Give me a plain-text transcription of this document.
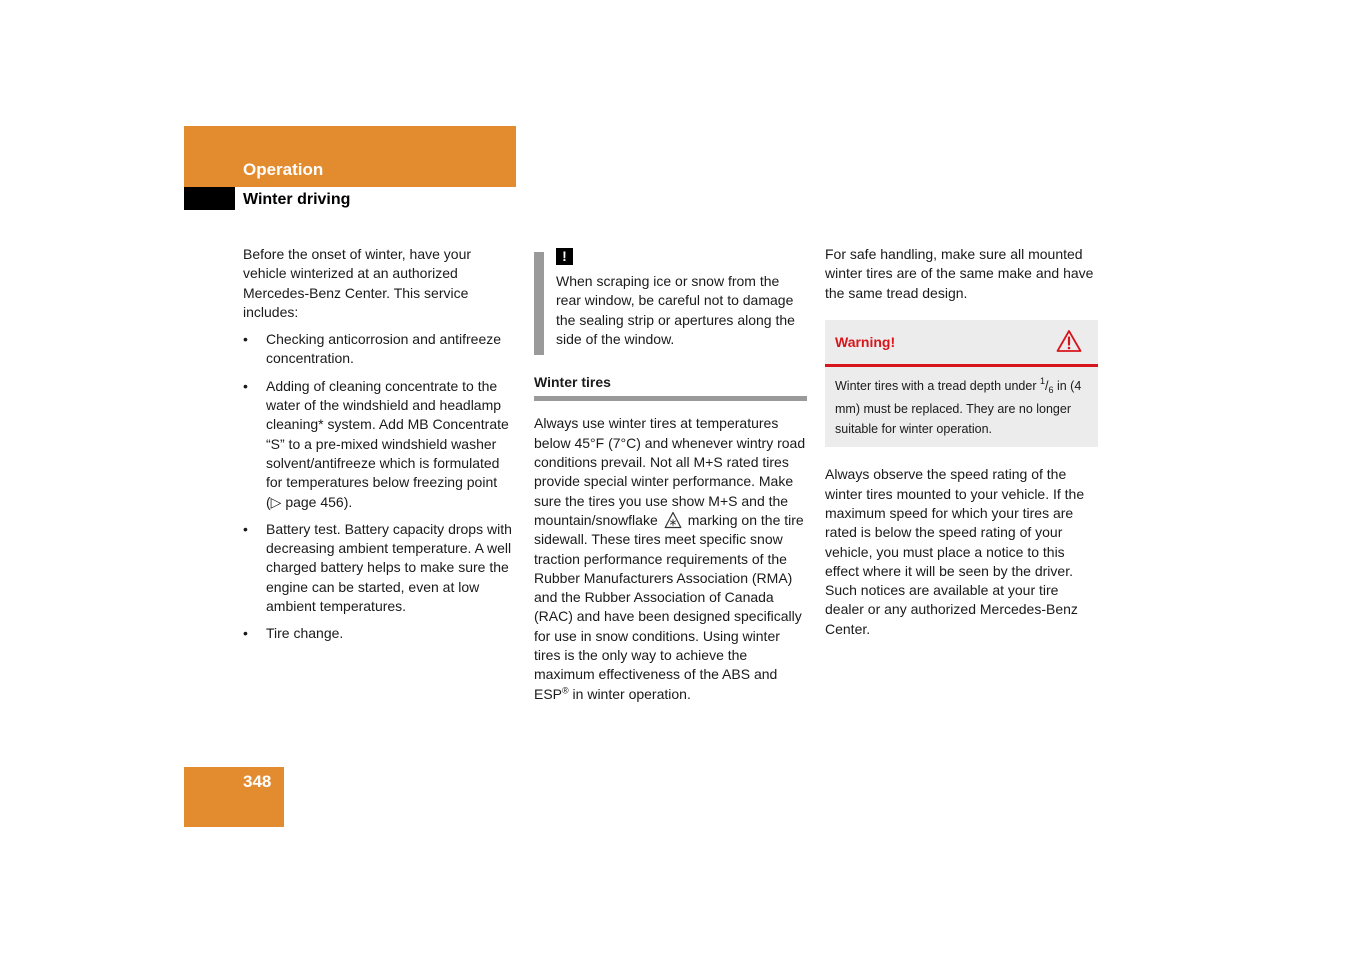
Operation
Winter driving

Before the onset of winter, have your vehicle winterized at an authorized Mercedes-Benz Center. This service includes:

• Checking anticorrosion and antifreeze concentration.
• Adding of cleaning concentrate to the water of the windshield and headlamp cleaning* system. Add MB Concentrate “S” to a pre-mixed windshield washer solvent/antifreeze which is formulated for temperatures below freezing point (▷ page 456).
• Battery test. Battery capacity drops with decreasing ambient temperature. A well charged battery helps to make sure the engine can be started, even at low ambient temperatures.
• Tire change.
!

When scraping ice or snow from the rear window, be careful not to damage the sealing strip or apertures along the side of the window.

Winter tires

Always use winter tires at temperatures below 45°F (7°C) and whenever wintry road conditions prevail. Not all M+S rated tires provide special winter performance. Make sure the tires you use show M+S and the mountain/snowflake marking on the tire sidewall. These tires meet specific snow traction performance requirements of the Rubber Manufacturers Association (RMA) and the Rubber Association of Canada (RAC) and have been designed specifically for use in snow conditions. Using winter tires is the only way to achieve the maximum effectiveness of the ABS and ESP® in winter operation.

For safe handling, make sure all mounted winter tires are of the same make and have the same tread design.

Warning!
Winter tires with a tread depth under $^1/_6$ in (4 mm) must be replaced. They are no longer suitable for winter operation.

Always observe the speed rating of the winter tires mounted to your vehicle. If the maximum speed for which your tires are rated is below the speed rating of your vehicle, you must place a notice to this effect where it will be seen by the driver. Such notices are available at your tire dealer or any authorized Mercedes-Benz Center.

348
